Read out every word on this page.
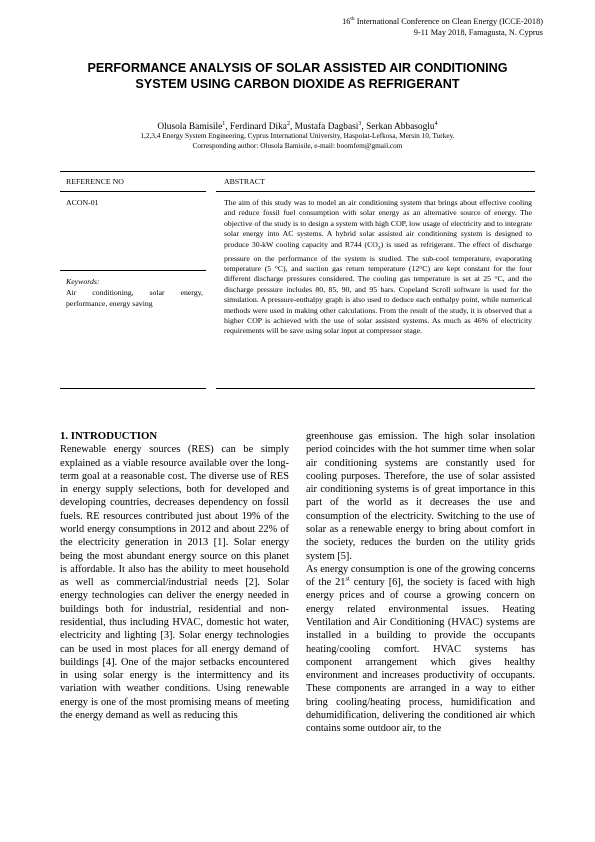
16th International Conference on Clean Energy (ICCE-2018)
9-11 May 2018, Famagusta, N. Cyprus
PERFORMANCE ANALYSIS OF SOLAR ASSISTED AIR CONDITIONING SYSTEM USING CARBON DIOXIDE AS REFRIGERANT
Olusola Bamisile$^1$, Ferdinard Dika$^2$, Mustafa Dagbasi$^3$, Serkan Abbasoglu$^4$
1,2,3,4 Energy System Engineering, Cyprus International University, Haspolat-Lefkosa, Mersin 10, Turkey.
Corresponding author: Olusola Bamisile, e-mail: boomfem@gmail.com
REFERENCE NO	ABSTRACT
ACON-01
Keywords:
Air conditioning, solar energy, performance, energy saving
The aim of this study was to model an air conditioning system that brings about effective cooling and reduce fossil fuel consumption with solar energy as an alternative source of energy. The objective of the study is to design a system with high COP, low usage of electricity and to integrate solar energy into AC systems. A hybrid solar assisted air conditioning system is designed to produce 30-kW cooling capacity and R744 $(CO_2)$ is used as refrigerant. The effect of discharge pressure on the performance of the system is studied. The sub-cool temperature, evaporating temperature (5 °C), and suction gas return temperature (12°C) are kept constant for the four different discharge pressures considered. The cooling gas temperature is set at 25 °C, and the discharge pressure includes 80, 85, 90, and 95 bars. Copeland Scroll software is used for the simulation. A pressure-enthalpy graph is also used to deduce each enthalpy point, while numerical methods were used in making other calculations. From the result of the study, it is observed that a higher COP is achieved with the use of solar assisted systems. As much as 46% of electricity requirements will be save using solar input at compressor stage.

1. INTRODUCTION

Renewable energy sources (RES) can be simply explained as a viable resource available over the long-term goal at a reasonable cost. The diverse use of RES in energy supply selections, both for developed and developing countries, decreases dependency on fossil fuels. RE resources contributed just about 19% of the world energy consumptions in 2012 and about 22% of the electricity generation in 2013 [1]. Solar energy being the most abundant energy source on this planet is affordable. It also has the ability to meet household as well as commercial/industrial needs [2]. Solar energy technologies can deliver the energy needed in buildings both for industrial, residential and non-residential, thus including HVAC, domestic hot water, electricity and lighting [3]. Solar energy technologies can be used in most places for all energy demand of buildings [4]. One of the major setbacks encountered in using solar energy is the intermittency and its variation with weather conditions. Using renewable energy is one of the most promising means of meeting the energy demand as well as reducing this

greenhouse gas emission. The high solar insolation period coincides with the hot summer time when solar air conditioning systems are constantly used for cooling purposes. Therefore, the use of solar assisted air conditioning systems is of great importance in this part of the world as it decreases the use and consumption of the electricity. Switching to the use of solar as a renewable energy to bring about comfort in the society, reduces the burden on the utility grids system [5].

As energy consumption is one of the growing concerns of the 21st century [6], the society is faced with high energy prices and of course a growing concern on energy related environmental issues. Heating Ventilation and Air Conditioning (HVAC) systems are installed in a building to provide the occupants heating/cooling comfort. HVAC systems has component arrangement which gives healthy environment and increases productivity of occupants. These components are arranged in a way to either bring cooling/heating process, humidification and dehumidification, delivering the conditioned air which contains some outdoor air, to the
